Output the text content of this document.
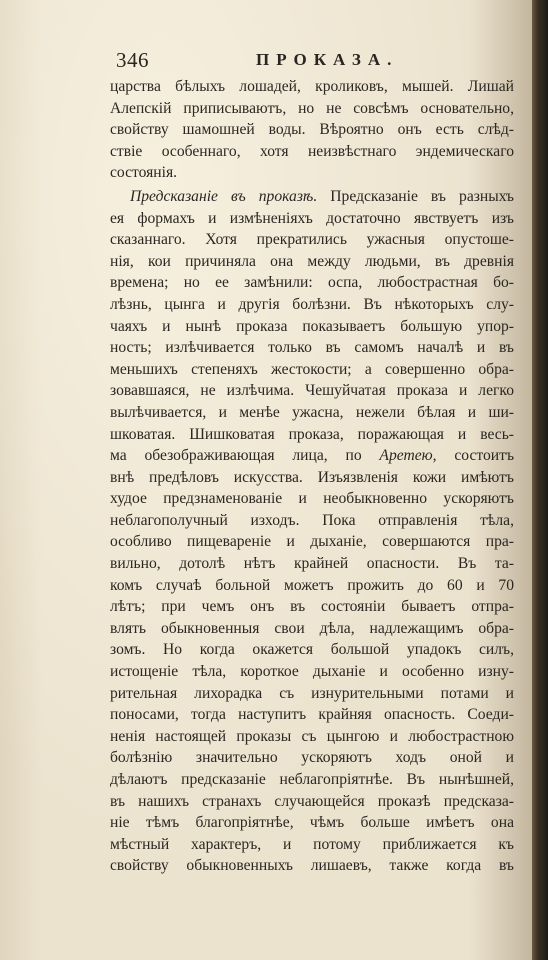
346	ПРОКАЗА.
царства бѣлыхъ лошадей, кроликовъ, мышей. Лишай
Алепскій приписываютъ, но не совсѣмъ основательно,
свойству шамошней воды. Вѣроятно онъ есть слѣд-
ствіе особеннаго, хотя неизвѣстнаго эндемическаго
состоянія.
Предсказаніе въ проказѣ. Предсказаніе въ разныхъ
ея формахъ и измѣненіяхъ достаточно явствуетъ изъ
сказаннаго. Хотя прекратились ужасныя опустоше-
нія, кои причиняла она между людьми, въ древнія
времена; но ее замѣнили: оспа, любострастная бо-
лѣзнь, цынга и другія болѣзни. Въ нѣкоторыхъ слу-
чаяхъ и нынѣ проказа показываетъ большую упор-
ность; излѣчивается только въ самомъ началѣ и въ
меньшихъ степеняхъ жестокости; а совершенно обра-
зовавшаяся, не излѣчима. Чешуйчатая проказа и легко
вылѣчивается, и менѣе ужасна, нежели бѣлая и ши-
шковатая. Шишковатая проказа, поражающая и весь-
ма обезображивающая лица, по Аретею, состоитъ
внѣ предѣловъ искусства. Изъязвленія кожи имѣютъ
худое предзнаменованіе и необыкновенно ускоряютъ
неблагополучный изходъ. Пока отправленія тѣла,
особливо пищевареніе и дыханіе, совершаются пра-
вильно, дотолѣ нѣтъ крайней опасности. Въ та-
комъ случаѣ больной можетъ прожить до 60 и 70
лѣтъ; при чемъ онъ въ состояніи бываетъ отпра-
влять обыкновенныя свои дѣла, надлежащимъ обра-
зомъ. Но когда окажется большой упадокъ силъ,
истощеніе тѣла, короткое дыханіе и особенно изну-
рительная лихорадка съ изнурительными потами и
поносами, тогда наступитъ крайняя опасность. Соеди-
ненія настоящей проказы съ цынгою и любострастною
болѣзнію значительно ускоряютъ ходъ оной и
дѣлаютъ предсказаніе неблагопріятнѣе. Въ нынѣшней,
въ нашихъ странахъ случающейся проказѣ предсказа-
ніе тѣмъ благопріятнѣе, чѣмъ больше имѣетъ она
мѣстный характеръ, и потому приближается къ
свойству обыкновенныхъ лишаевъ, также когда въ
